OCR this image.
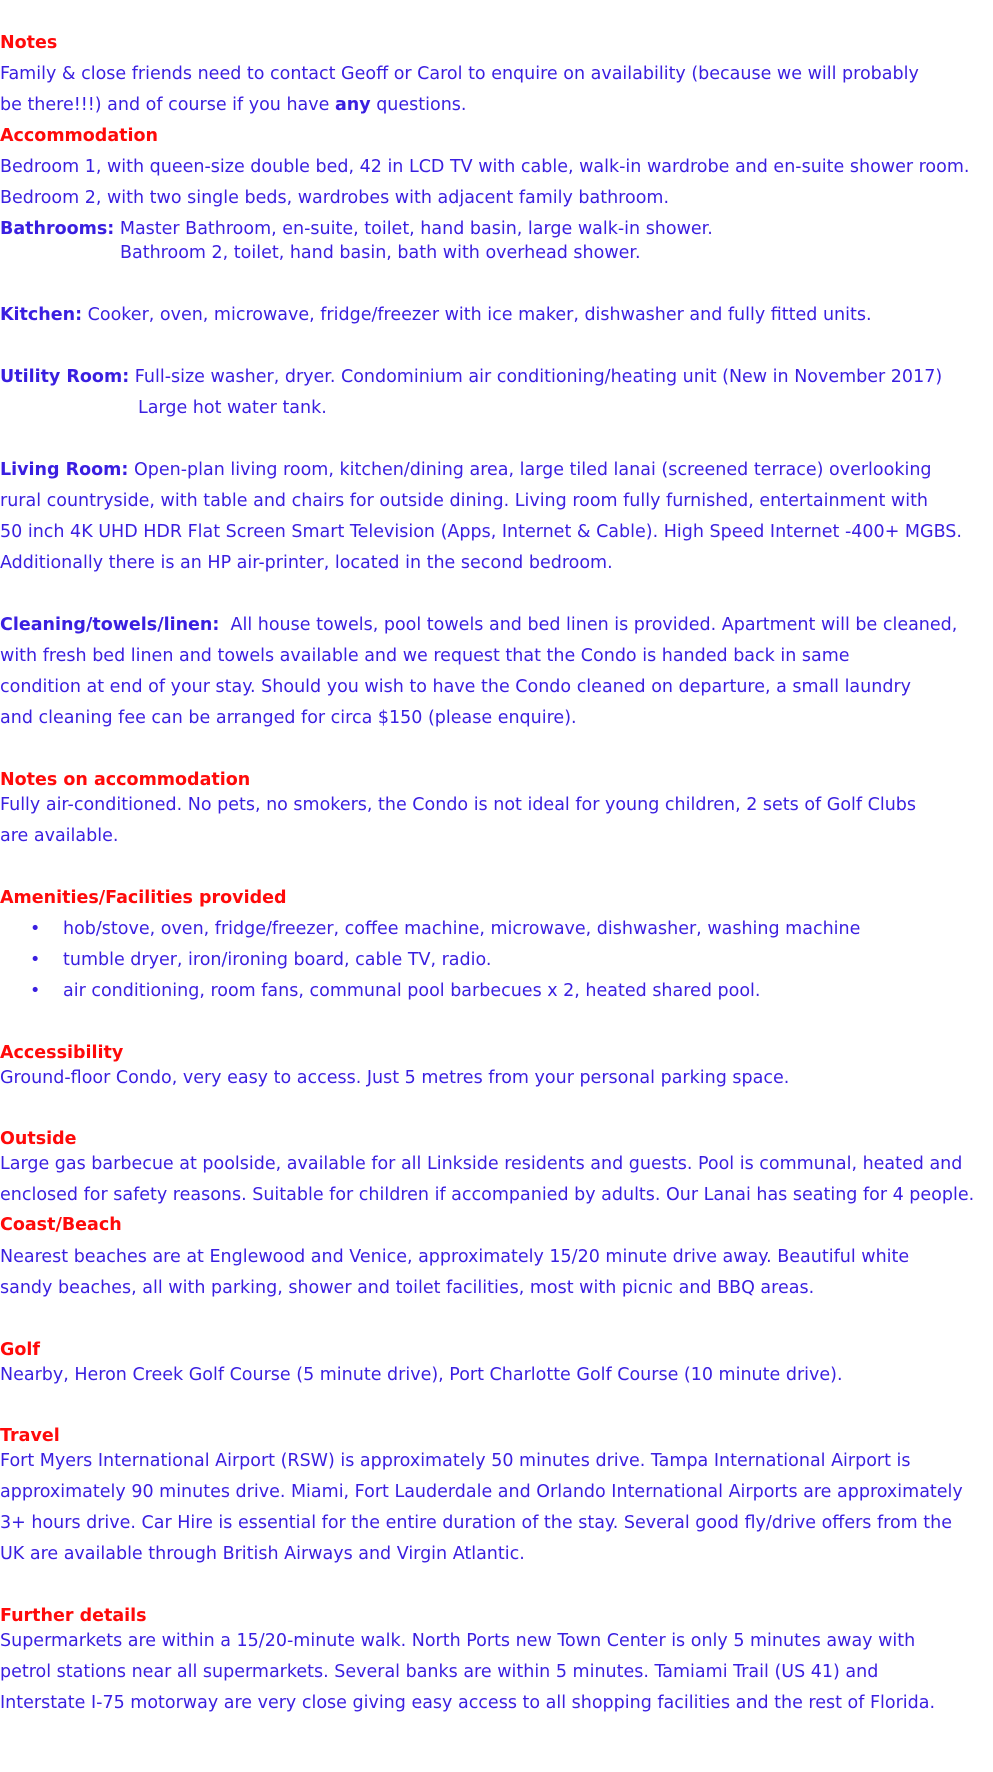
Notes
Family & close friends need to contact Geoff or Carol to enquire on availability (because we will probably
be there!!!) and of course if you have any questions.
Accommodation
Bedroom 1, with queen-size double bed, 42 in LCD TV with cable, walk-in wardrobe and en-suite shower room.
Bedroom 2, with two single beds, wardrobes with adjacent family bathroom.
Bathrooms: Master Bathroom, en-suite, toilet, hand basin, large walk-in shower.
Bathroom 2, toilet, hand basin, bath with overhead shower.
Kitchen: Cooker, oven, microwave, fridge/freezer with ice maker, dishwasher and fully fitted units.
Utility Room: Full-size washer, dryer. Condominium air conditioning/heating unit (New in November 2017)
Large hot water tank.
Living Room: Open-plan living room, kitchen/dining area, large tiled lanai (screened terrace) overlooking
rural countryside, with table and chairs for outside dining. Living room fully furnished, entertainment with
50 inch 4K UHD HDR Flat Screen Smart Television (Apps, Internet & Cable). High Speed Internet -400+ MGBS.
Additionally there is an HP air-printer, located in the second bedroom.
Cleaning/towels/linen:  All house towels, pool towels and bed linen is provided. Apartment will be cleaned,
with fresh bed linen and towels available and we request that the Condo is handed back in same
condition at end of your stay. Should you wish to have the Condo cleaned on departure, a small laundry
and cleaning fee can be arranged for circa $150 (please enquire).
Notes on accommodation
Fully air-conditioned. No pets, no smokers, the Condo is not ideal for young children, 2 sets of Golf Clubs
are available.
Amenities/Facilities provided
• hob/stove, oven, fridge/freezer, coffee machine, microwave, dishwasher, washing machine
• tumble dryer, iron/ironing board, cable TV, radio.
• air conditioning, room fans, communal pool barbecues x 2, heated shared pool.
Accessibility
Ground-floor Condo, very easy to access. Just 5 metres from your personal parking space.
Outside
Large gas barbecue at poolside, available for all Linkside residents and guests. Pool is communal, heated and
enclosed for safety reasons. Suitable for children if accompanied by adults. Our Lanai has seating for 4 people.
Coast/Beach
Nearest beaches are at Englewood and Venice, approximately 15/20 minute drive away. Beautiful white
sandy beaches, all with parking, shower and toilet facilities, most with picnic and BBQ areas.
Golf
Nearby, Heron Creek Golf Course (5 minute drive), Port Charlotte Golf Course (10 minute drive).
Travel
Fort Myers International Airport (RSW) is approximately 50 minutes drive. Tampa International Airport is
approximately 90 minutes drive. Miami, Fort Lauderdale and Orlando International Airports are approximately
3+ hours drive. Car Hire is essential for the entire duration of the stay. Several good fly/drive offers from the
UK are available through British Airways and Virgin Atlantic.
Further details
Supermarkets are within a 15/20-minute walk. North Ports new Town Center is only 5 minutes away with
petrol stations near all supermarkets. Several banks are within 5 minutes. Tamiami Trail (US 41) and
Interstate I-75 motorway are very close giving easy access to all shopping facilities and the rest of Florida.
